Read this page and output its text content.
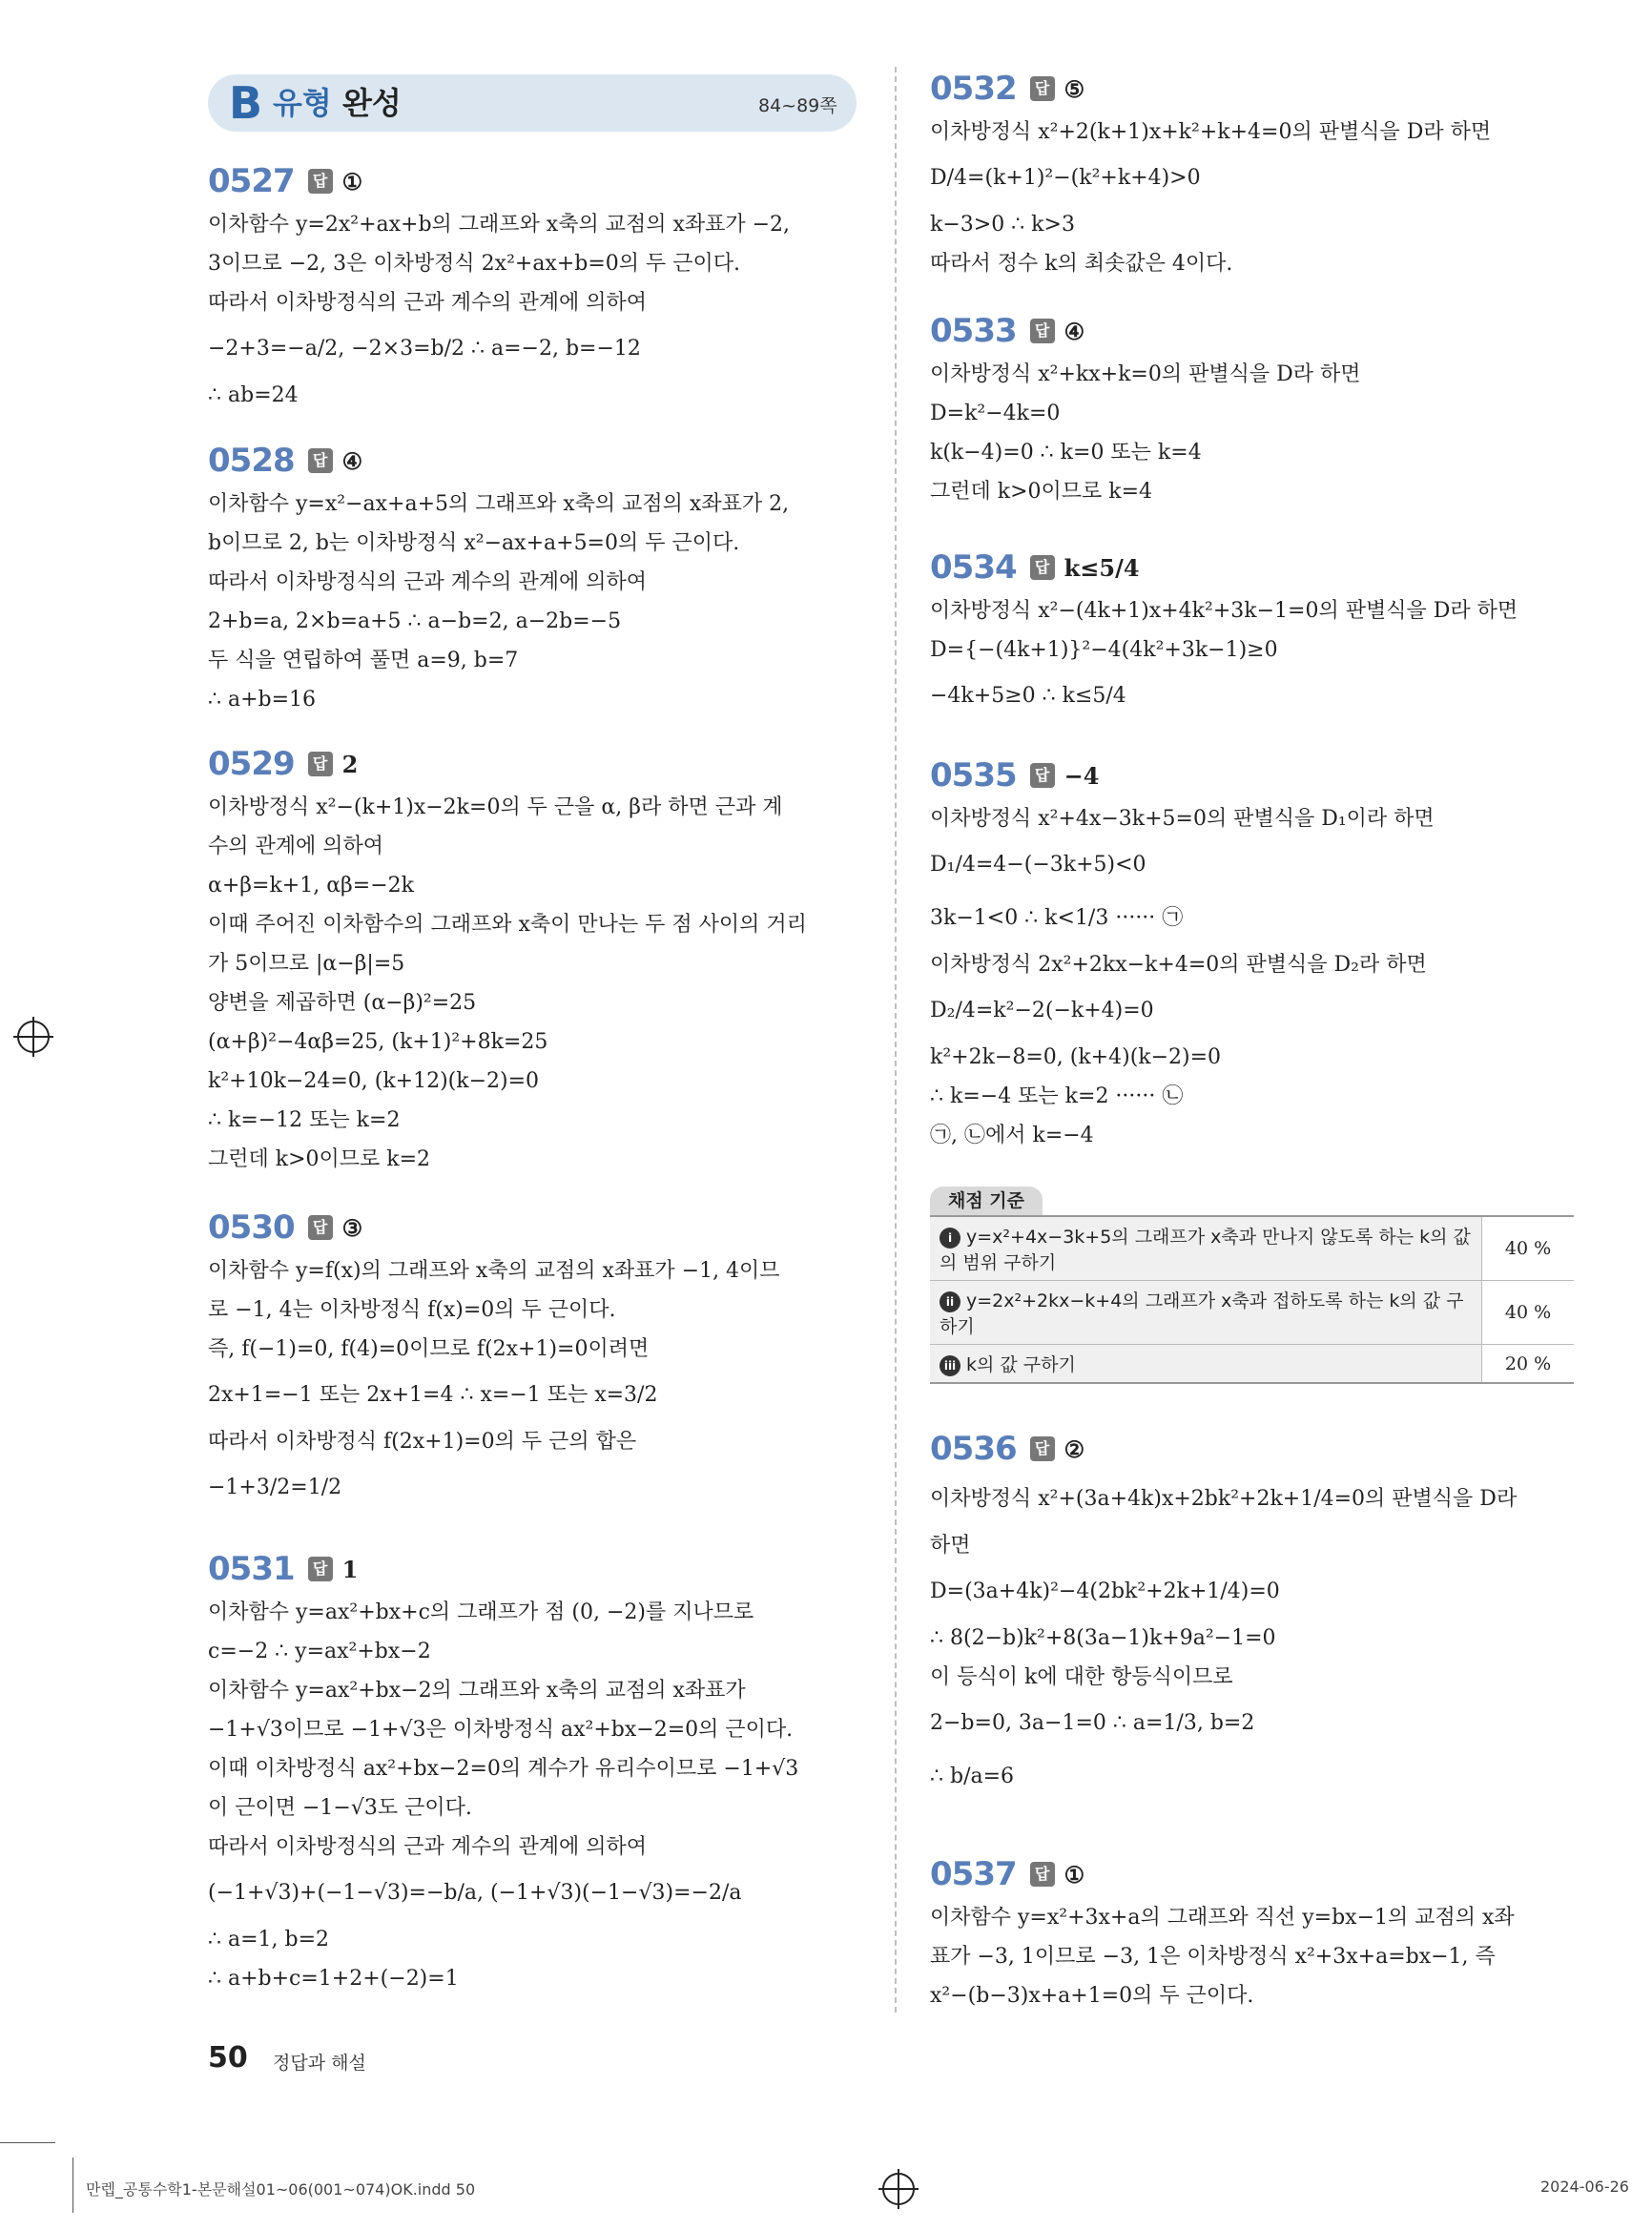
B 유형 완성	84~89쪽
0527	답 ①
이차함수 y=2x²+ax+b의 그래프와 x축의 교점의 x좌표가 −2,
3이므로 −2, 3은 이차방정식 2x²+ax+b=0의 두 근이다.
따라서 이차방정식의 근과 계수의 관계에 의하여
−2+3=−a/2, −2×3=b/2 ∴ a=−2, b=−12
∴ ab=24
0528	답 ④
이차함수 y=x²−ax+a+5의 그래프와 x축의 교점의 x좌표가 2,
b이므로 2, b는 이차방정식 x²−ax+a+5=0의 두 근이다.
따라서 이차방정식의 근과 계수의 관계에 의하여
2+b=a, 2×b=a+5 ∴ a−b=2, a−2b=−5
두 식을 연립하여 풀면 a=9, b=7
∴ a+b=16
0529	답 2
이차방정식 x²−(k+1)x−2k=0의 두 근을 α, β라 하면 근과 계
수의 관계에 의하여
α+β=k+1, αβ=−2k
이때 주어진 이차함수의 그래프와 x축이 만나는 두 점 사이의 거리
가 5이므로 |α−β|=5
양변을 제곱하면 (α−β)²=25
(α+β)²−4αβ=25, (k+1)²+8k=25
k²+10k−24=0, (k+12)(k−2)=0
∴ k=−12 또는 k=2
그런데 k>0이므로 k=2
0530	답 ③
이차함수 y=f(x)의 그래프와 x축의 교점의 x좌표가 −1, 4이므
로 −1, 4는 이차방정식 f(x)=0의 두 근이다.
즉, f(−1)=0, f(4)=0이므로 f(2x+1)=0이려면
2x+1=−1 또는 2x+1=4 ∴ x=−1 또는 x=3/2
따라서 이차방정식 f(2x+1)=0의 두 근의 합은
−1+3/2=1/2
0531	답 1
이차함수 y=ax²+bx+c의 그래프가 점 (0, −2)를 지나므로
c=−2 ∴ y=ax²+bx−2
이차함수 y=ax²+bx−2의 그래프와 x축의 교점의 x좌표가
−1+√3이므로 −1+√3은 이차방정식 ax²+bx−2=0의 근이다.
이때 이차방정식 ax²+bx−2=0의 계수가 유리수이므로 −1+√3
이 근이면 −1−√3도 근이다.
따라서 이차방정식의 근과 계수의 관계에 의하여
(−1+√3)+(−1−√3)=−b/a, (−1+√3)(−1−√3)=−2/a
∴ a=1, b=2
∴ a+b+c=1+2+(−2)=1
채점 기준
i y=x²+4x−3k+5의 그래프가 x축과 만나지 않도록 하는 k의 값의 범위 구하기	40 %
ii y=2x²+2kx−k+4의 그래프가 x축과 접하도록 하는 k의 값 구하기	40 %
iii k의 값 구하기	20 %
0532	답 ⑤
이차방정식 x²+2(k+1)x+k²+k+4=0의 판별식을 D라 하면
D/4=(k+1)²−(k²+k+4)>0
k−3>0 ∴ k>3
따라서 정수 k의 최솟값은 4이다.
0533	답 ④
이차방정식 x²+kx+k=0의 판별식을 D라 하면
D=k²−4k=0
k(k−4)=0 ∴ k=0 또는 k=4
그런데 k>0이므로 k=4
0534	답 k≤5/4
이차방정식 x²−(4k+1)x+4k²+3k−1=0의 판별식을 D라 하면
D={−(4k+1)}²−4(4k²+3k−1)≥0
−4k+5≥0 ∴ k≤5/4
0535	답 −4
이차방정식 x²+4x−3k+5=0의 판별식을 D₁이라 하면
D₁/4=4−(−3k+5)<0
3k−1<0 ∴ k<1/3 ······ ㉠
이차방정식 2x²+2kx−k+4=0의 판별식을 D₂라 하면
D₂/4=k²−2(−k+4)=0
k²+2k−8=0, (k+4)(k−2)=0
∴ k=−4 또는 k=2 ······ ㉡
㉠, ㉡에서 k=−4
0536	답 ②
이차방정식 x²+(3a+4k)x+2bk²+2k+1/4=0의 판별식을 D라
하면
D=(3a+4k)²−4(2bk²+2k+1/4)=0
∴ 8(2−b)k²+8(3a−1)k+9a²−1=0
이 등식이 k에 대한 항등식이므로
2−b=0, 3a−1=0 ∴ a=1/3, b=2
∴ b/a=6
0537	답 ①
이차함수 y=x²+3x+a의 그래프와 직선 y=bx−1의 교점의 x좌
표가 −3, 1이므로 −3, 1은 이차방정식 x²+3x+a=bx−1, 즉
x²−(b−3)x+a+1=0의 두 근이다.
50 정답과 해설
만렙_공통수학1-본문해설01~06(001~074)OK.indd 50	2024-06-26
